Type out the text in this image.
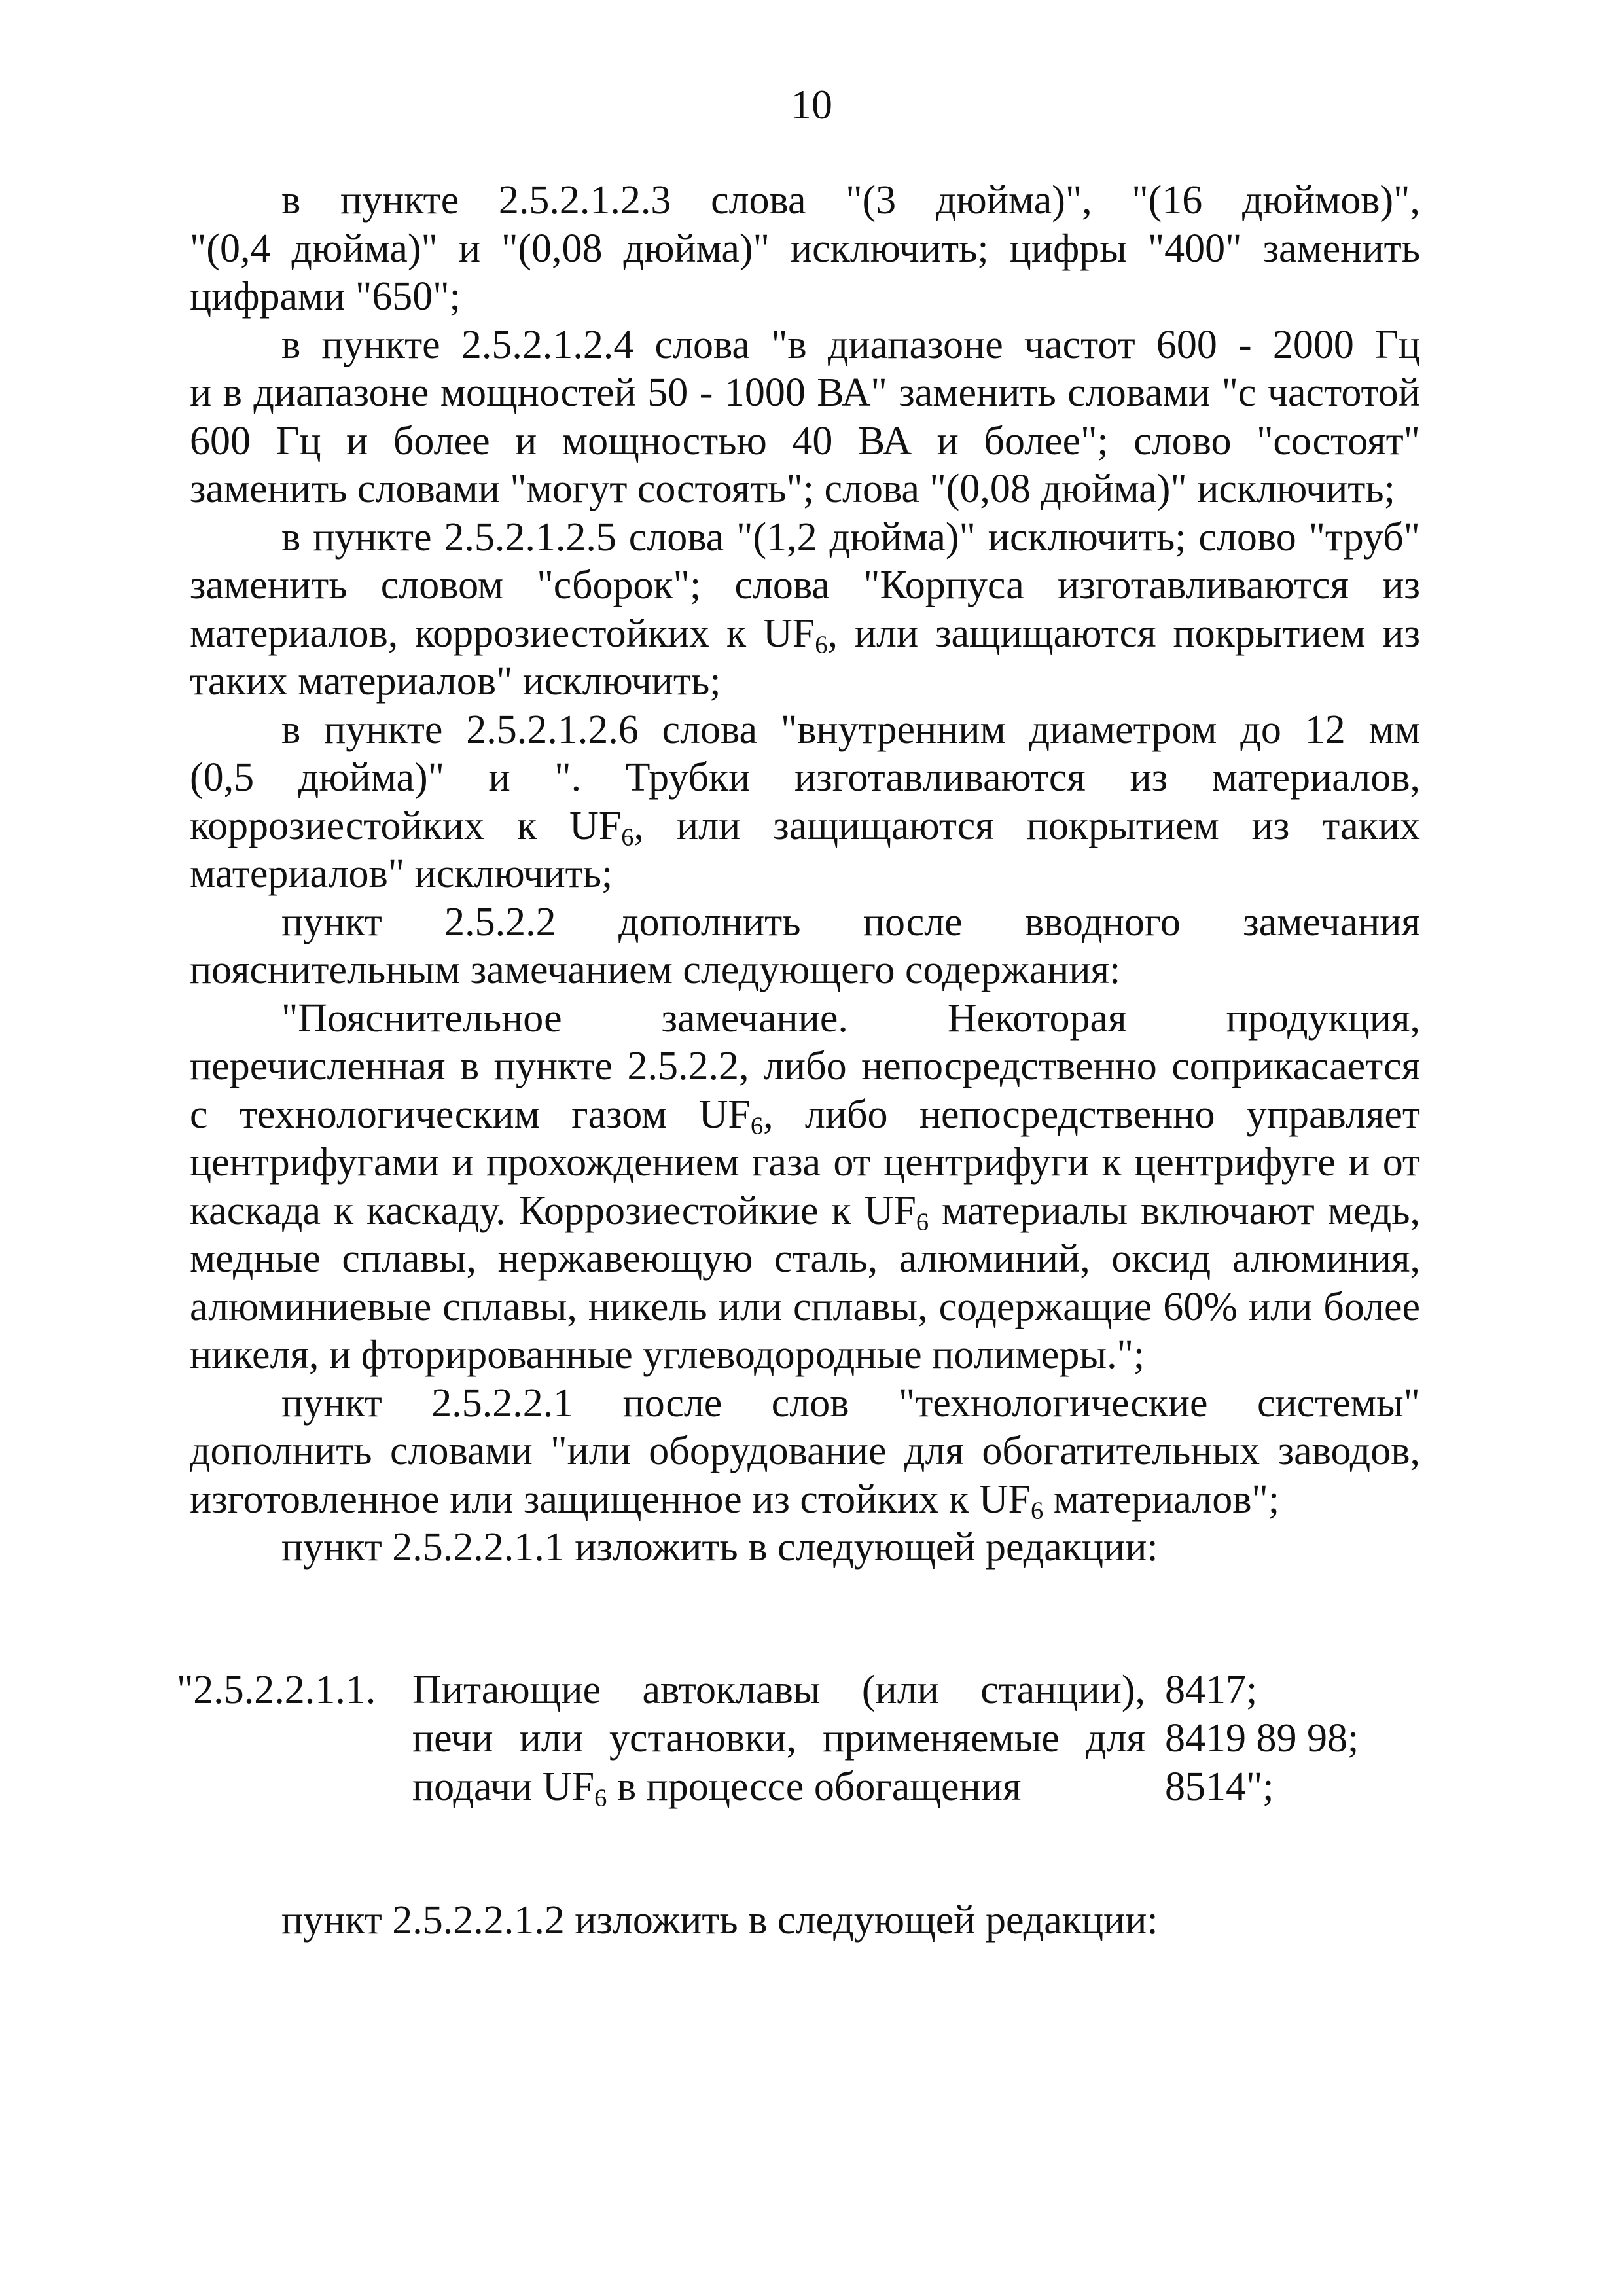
10

в пункте 2.5.2.1.2.3 слова "(3 дюйма)", "(16 дюймов)",
"(0,4 дюйма)" и "(0,08 дюйма)" исключить; цифры "400" заменить
цифрами "650";

в пункте 2.5.2.1.2.4 слова "в диапазоне частот 600 - 2000 Гц
и в диапазоне мощностей 50 - 1000 ВА" заменить словами "с частотой
600 Гц и более и мощностью 40 ВА и более"; слово "состоят"
заменить словами "могут состоять"; слова "(0,08 дюйма)" исключить;

в пункте 2.5.2.1.2.5 слова "(1,2 дюйма)" исключить; слово "труб"
заменить словом "сборок"; слова "Корпуса изготавливаются из
материалов, коррозиестойких к $UF_6$, или защищаются покрытием из
таких материалов" исключить;

в пункте 2.5.2.1.2.6 слова "внутренним диаметром до 12 мм
(0,5 дюйма)" и ". Трубки изготавливаются из материалов,
коррозиестойких к $UF_6$, или защищаются покрытием из таких
материалов" исключить;

пункт 2.5.2.2 дополнить после вводного замечания
пояснительным замечанием следующего содержания:

"Пояснительное замечание. Некоторая продукция,
перечисленная в пункте 2.5.2.2, либо непосредственно соприкасается
с технологическим газом $UF_6$, либо непосредственно управляет
центрифугами и прохождением газа от центрифуги к центрифуге и от
каскада к каскаду. Коррозиестойкие к $UF_6$ материалы включают медь,
медные сплавы, нержавеющую сталь, алюминий, оксид алюминия,
алюминиевые сплавы, никель или сплавы, содержащие 60% или более
никеля, и фторированные углеводородные полимеры.";

пункт 2.5.2.2.1 после слов "технологические системы"
дополнить словами "или оборудование для обогатительных заводов,
изготовленное или защищенное из стойких к $UF_6$ материалов";

пункт 2.5.2.2.1.1 изложить в следующей редакции:

"2.5.2.2.1.1. Питающие автоклавы (или станции), 8417;
печи или установки, применяемые для 8419 89 98;
подачи $UF_6$ в процессе обогащения	8514";

пункт 2.5.2.2.1.2 изложить в следующей редакции:
